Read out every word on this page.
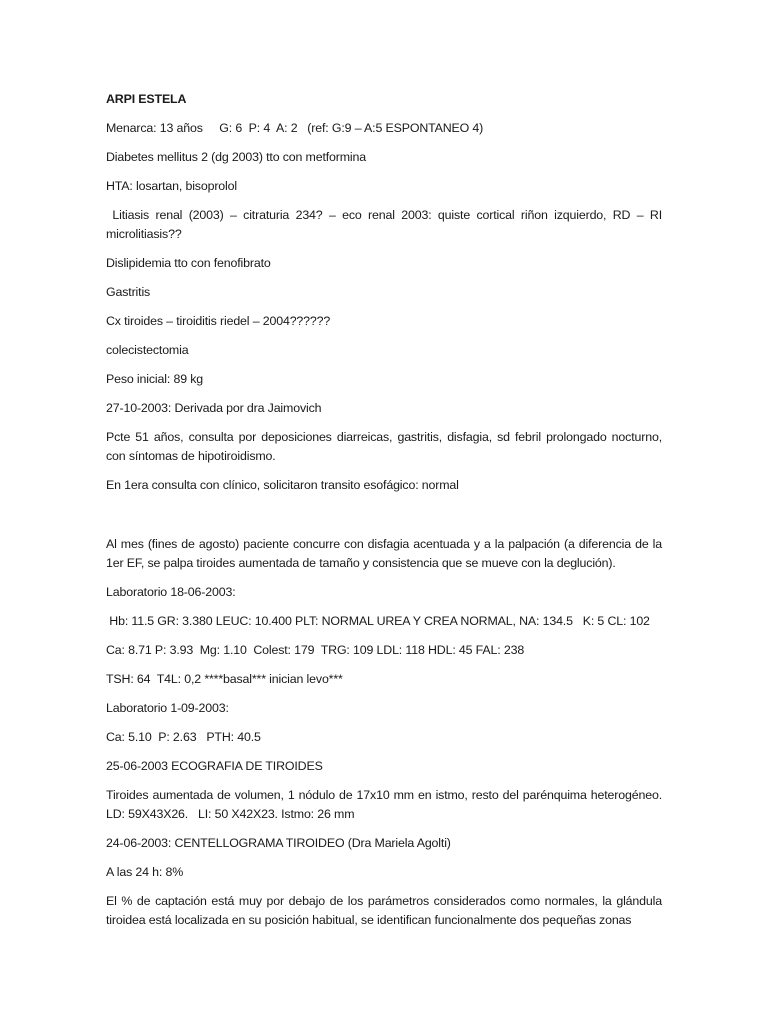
ARPI ESTELA

Menarca: 13 años     G: 6  P: 4  A: 2   (ref: G:9 – A:5 ESPONTANEO 4)

Diabetes mellitus 2 (dg 2003) tto con metformina

HTA: losartan, bisoprolol

Litiasis renal (2003) – citraturia 234? – eco renal 2003: quiste cortical riñon izquierdo, RD – RI microlitiasis??

Dislipidemia tto con fenofibrato

Gastritis

Cx tiroides – tiroiditis riedel – 2004??????

colecistectomia

Peso inicial: 89 kg

27-10-2003: Derivada por dra Jaimovich

Pcte 51 años, consulta por deposiciones diarreicas, gastritis, disfagia, sd febril prolongado nocturno, con síntomas de hipotiroidismo.

En 1era consulta con clínico, solicitaron transito esofágico: normal

Al mes (fines de agosto) paciente concurre con disfagia acentuada y a la palpación (a diferencia de la 1er EF, se palpa tiroides aumentada de tamaño y consistencia que se mueve con la deglución).

Laboratorio 18-06-2003:

Hb: 11.5 GR: 3.380 LEUC: 10.400 PLT: NORMAL UREA Y CREA NORMAL, NA: 134.5   K: 5 CL: 102

Ca: 8.71 P: 3.93  Mg: 1.10  Colest: 179  TRG: 109 LDL: 118 HDL: 45 FAL: 238

TSH: 64  T4L: 0,2 ****basal*** inician levo***

Laboratorio 1-09-2003:

Ca: 5.10  P: 2.63   PTH: 40.5

25-06-2003 ECOGRAFIA DE TIROIDES

Tiroides aumentada de volumen, 1 nódulo de 17x10 mm en istmo, resto del parénquima heterogéneo. LD: 59X43X26.   LI: 50 X42X23. Istmo: 26 mm

24-06-2003: CENTELLOGRAMA TIROIDEO (Dra Mariela Agolti)

A las 24 h: 8%

El % de captación está muy por debajo de los parámetros considerados como normales, la glándula tiroidea está localizada en su posición habitual, se identifican funcionalmente dos pequeñas zonas
